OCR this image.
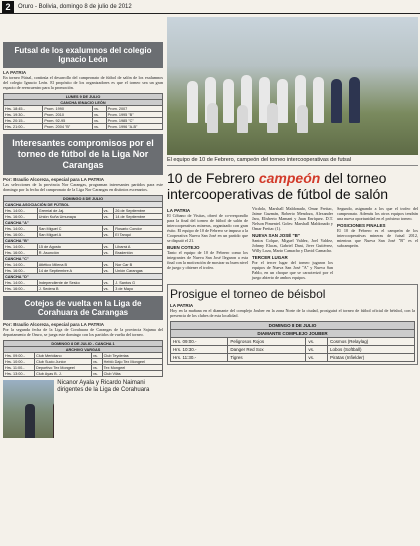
2	Oruro - Bolivia, domingo 8 de julio de 2012
Futsal de los exalumnos del colegio Ignacio León
LA PATRIA
En torneo Fútsal, continúa el desarrollo del campeonato de fútbol de salón de los exalumnos del colegio Ignacio León. El propósito de los organizadores es que el torneo sea un gran espacio de reencuentro para la promoción.
LUNES 9 DE JULIO			
CANCHA IGNACIO LEÓN			
Hrs. 18:45.-	Prom. 1990	vs.	Prom. 2007
Hrs. 19:30.-	Prom. 2010	vs.	Prom. 1995 "B"
Hrs. 20:15.-	Prom. 92-95	vs.	Prom. 1985 "C"
Hrs. 21:00.-	Prom. 2004 "B"	vs.	Prom. 1996 "A-B"
Interesantes compromisos por el torneo de fútbol de la Liga Nor Carangas
Por: Braulio Alcoreza, especial para LA PATRIA
Las selecciones de la provincia Nor Carangas, programan interesantes partidos para este domingo por la fecha del campeonato de la Liga Nor Carangas en distintos escenarios.
DOMINGO 8 DE JULIO			
CANCHA ASOCIACIÓN DE FÚTBOL			
Hrs. 14:00.-	Gremial de Jaj.	vs.	26 de Septiembre
Hrs. 16:00.-	Unión Kuña Umunaya	vs.	14 de Septiembre
CANCHA "A"			
Hrs. 14:00.-	San Miguel C	vs.	Rosario Condor
Hrs. 16:00.-	San Miguel A	vs.	El Tanqui
CANCHA "B"			
Hrs. 14:00.-	15 de Agosto	vs.	Libarrá A
Hrs. 16:00.-	R. Asunción	vs.	Bradentón
CANCHA "C"			
Hrs. 14:00.-	Atlético Milena B	vs.	Nor Car B
Hrs. 16:00.-	14 de Septiembre A	vs.	Unión Carangas
CANCHA "D"			
Hrs. 14:00.-	Independiente de Sesko	vs.	J. Santos G
Hrs. 16:00.-	J. Sedera B	vs.	3 de Mayo
Cotejos de vuelta en la Liga de Corahuara de Carangas
Por: Braulio Alcoreza, especial para LA PATRIA
Por la segunda fecha de la Liga de Corahuara de Carangas de la provincia Sajama del departamento de Oruro, se juega este domingo con los partidos de vuelta del torneo.
DOMINGO 8 DE JULIO - CANCHA 1			
ARCHIVO VARGAS			
Hrs. 09:00.-	Club Meridiano	vs.	Club Teyderias
Hrs. 10:00.-	Club Sucio Junior	vs.	Hebló Dajo Tex Mongeel
Hrs. 11:00.-	Deportivo Tex Mongeel	vs.	Tex Mongeel
Hrs. 13:00.-	Club Ayas B. J.	vs.	Club Vilás
Nicanor Ayala y Ricardo Naimani dirigentes de la Liga de Corahuara
El equipo de 10 de Febrero, campeón del torneo intercooperativas de futsal
10 de Febrero campeón del torneo intercooperativas de fútbol de salón
LA PATRIA
El Cóbano de Visitas, obreó de co-rrespondío para la final del torneo de fútbol de salón de intercooperativas mineras, organizado con gran éxito. El equipo de 10 de Febrero se impuso a la Cooperativa Nueva San José en un partido que se disputó el 21.
BUEN COTEJO
Tanto el equipo de 10 de Febrero como los integrantes de Nueva San José llegaron a esta final con la motivación de mostrar su buen nivel de juego y obtener el trofeo.
Vicdolo, Marshall Maldonado, Omar Freitac, Jaime Guzmán, Roberto Mendoza, Alexander Jara, Elisberto Mamani y Juan Enríquez. D.T. Nelson Pimentel. Goles: Marshall Maldonado y Omar Freitac (1).
NUEVA SAN JOSÉ "B"
Santos Colque, Miguel Valdez, Joel Valdez, Johnny Elacas, Gabriel Dani, Jiver Gutiérrez, Willy Loza, Mario Camacho y David Camacho.
TERCER LUGAR
Por el tercer lugar del torneo jugaron los equipos de Nueva San José "A" y Nueva San Pablo, en un choque que se caracterizó por el juego abierto de ambos equipos.
Segundo, asignando a los que el trofeo del campeonato. Además los otros equipos tendrán una nueva oportunidad en el próximo torneo.
POSICIONES FINALES
El 10 de Febrero es el campeón de los intercooperativas mineras de futsal 2012, mientras que Nueva San José "B" es el subcampeón.
Prosigue el torneo de béisbol
LA PATRIA
Hoy en la mañana en el diamante del complejo Jouber en la zona Norte de la ciudad, prosiguirá el torneo de fútbol oficial de béisbol, con la presencia de los clubes de esta localidad.
DOMINGO 8 DE JULIO			
DIAMANTE COMPLEJO JOUBER			
Hrs. 09:00.-	Peligrosos Rojos	vs.	Cosmos (Relaylag)
Hrs. 10:30.-	Danger Red Sox	vs.	Lobos (Softball)
Hrs. 11:30.-	Tigres	vs.	Piratas (Infielder)
